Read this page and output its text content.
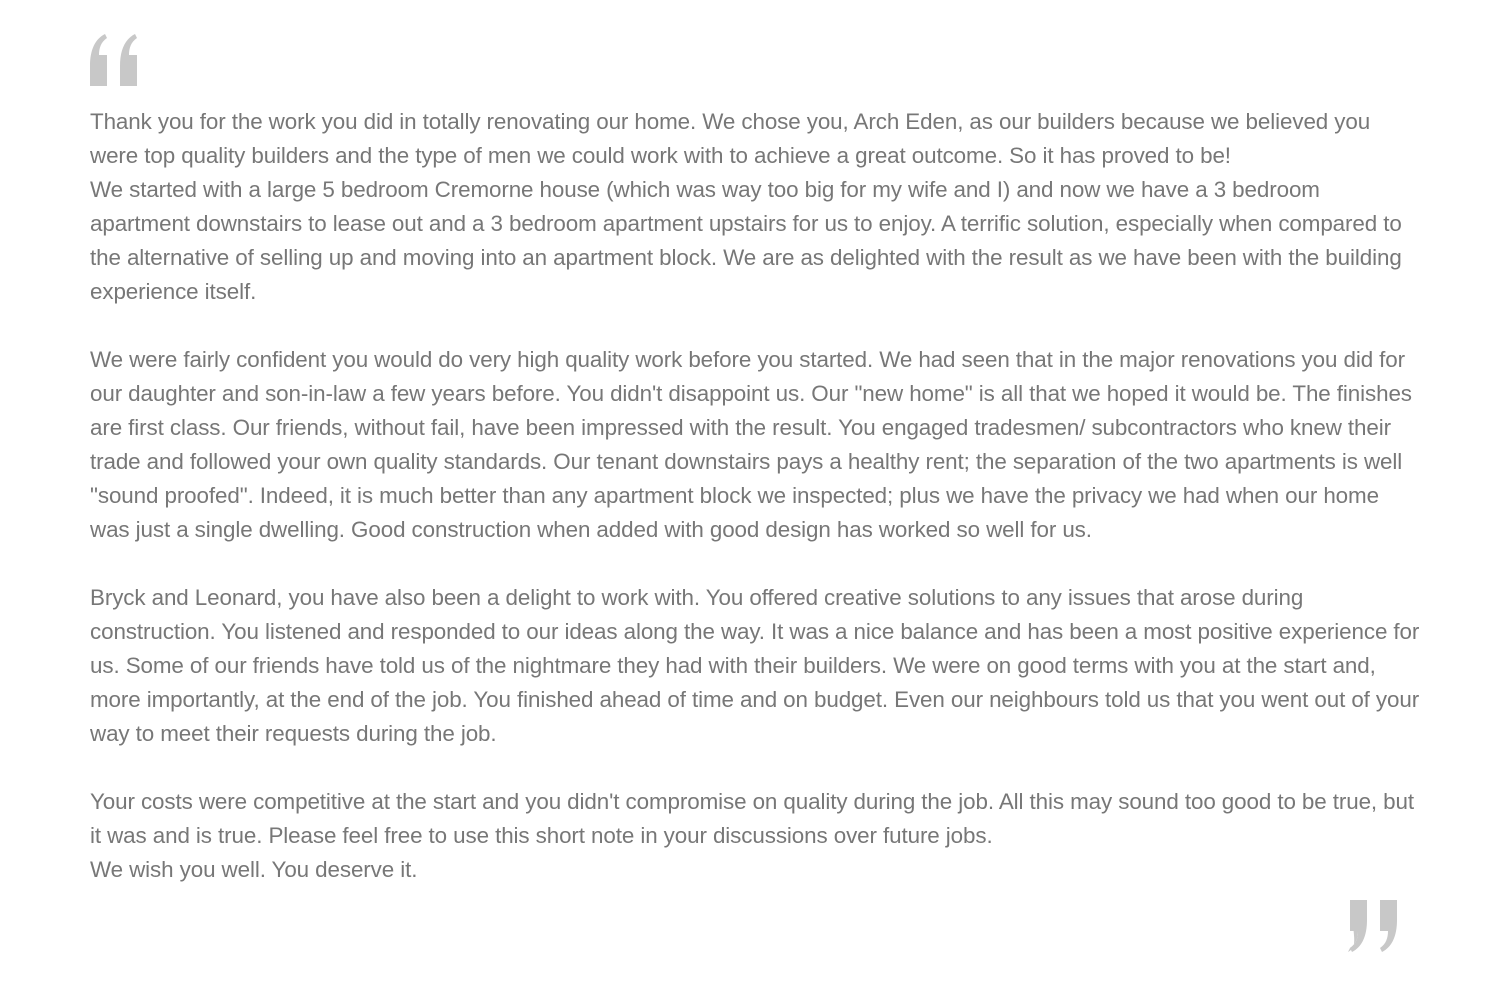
Thank you for the work you did in totally renovating our home. We chose you, Arch Eden, as our builders because we believed you were top quality builders and the type of men we could work with to achieve a great outcome. So it has proved to be!
We started with a large 5 bedroom Cremorne house (which was way too big for my wife and I) and now we have a 3 bedroom apartment downstairs to lease out and a 3 bedroom apartment upstairs for us to enjoy. A terrific solution, especially when compared to the alternative of selling up and moving into an apartment block. We are as delighted with the result as we have been with the building experience itself.

We were fairly confident you would do very high quality work before you started. We had seen that in the major renovations you did for our daughter and son-in-law a few years before. You didn't disappoint us. Our "new home" is all that we hoped it would be. The finishes are first class. Our friends, without fail, have been impressed with the result. You engaged tradesmen/ subcontractors who knew their trade and followed your own quality standards. Our tenant downstairs pays a healthy rent; the separation of the two apartments is well "sound proofed". Indeed, it is much better than any apartment block we inspected; plus we have the privacy we had when our home was just a single dwelling. Good construction when added with good design has worked so well for us.

Bryck and Leonard, you have also been a delight to work with. You offered creative solutions to any issues that arose during construction. You listened and responded to our ideas along the way. It was a nice balance and has been a most positive experience for us. Some of our friends have told us of the nightmare they had with their builders. We were on good terms with you at the start and, more importantly, at the end of the job. You finished ahead of time and on budget. Even our neighbours told us that you went out of your way to meet their requests during the job.

Your costs were competitive at the start and you didn't compromise on quality during the job. All this may sound too good to be true, but it was and is true. Please feel free to use this short note in your discussions over future jobs.
We wish you well. You deserve it.
